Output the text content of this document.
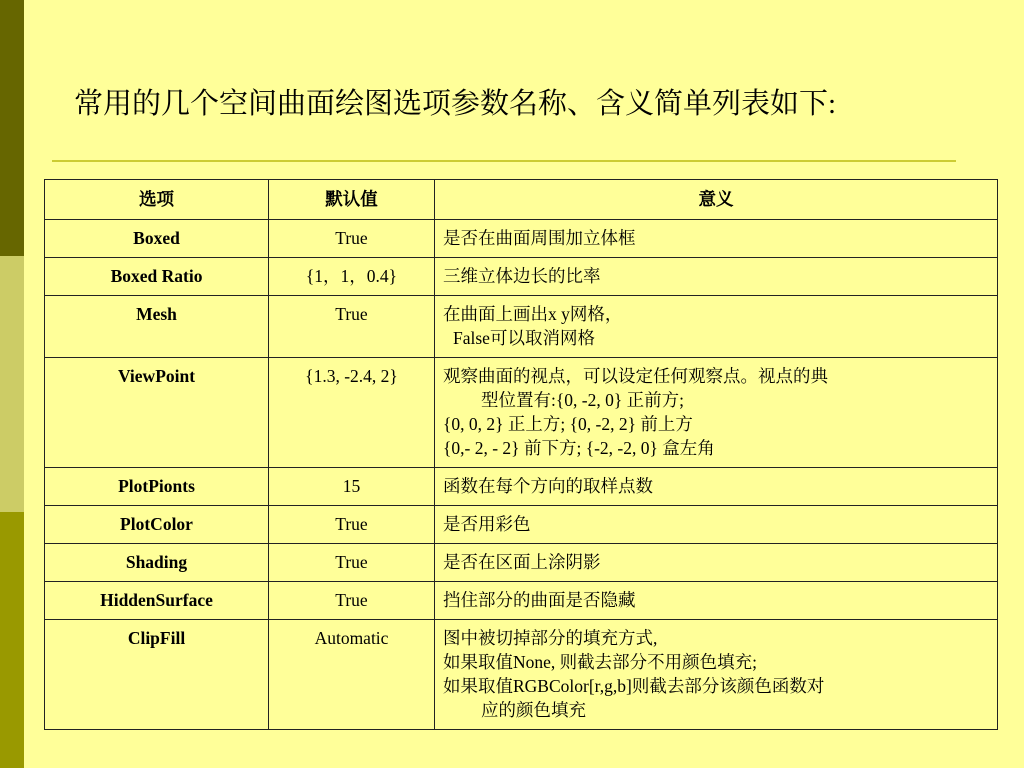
常用的几个空间曲面绘图选项参数名称、含义简单列表如下:
选项	默认值	意义
Boxed	True	是否在曲面周围加立体框

Boxed Ratio	{1，1，0.4}	三维立体边长的比率

Mesh	True	在曲面上画出x y网格，
False可以取消网格

ViewPoint	{1.3, -2.4, 2}	观察曲面的视点，可以设定任何观察点。视点的典
型位置有:{0, -2, 0} 正前方;
{0, 0, 2} 正上方; {0, -2, 2} 前上方
{0,- 2, - 2} 前下方; {-2, -2, 0} 盒左角

PlotPionts	15	函数在每个方向的取样点数

PlotColor	True	是否用彩色

Shading	True	是否在区面上涂阴影

HiddenSurface	True	挡住部分的曲面是否隐藏

ClipFill	Automatic	图中被切掉部分的填充方式,
如果取值None, 则截去部分不用颜色填充;
如果取值RGBColor[r,g,b]则截去部分该颜色函数对
应的颜色填充
